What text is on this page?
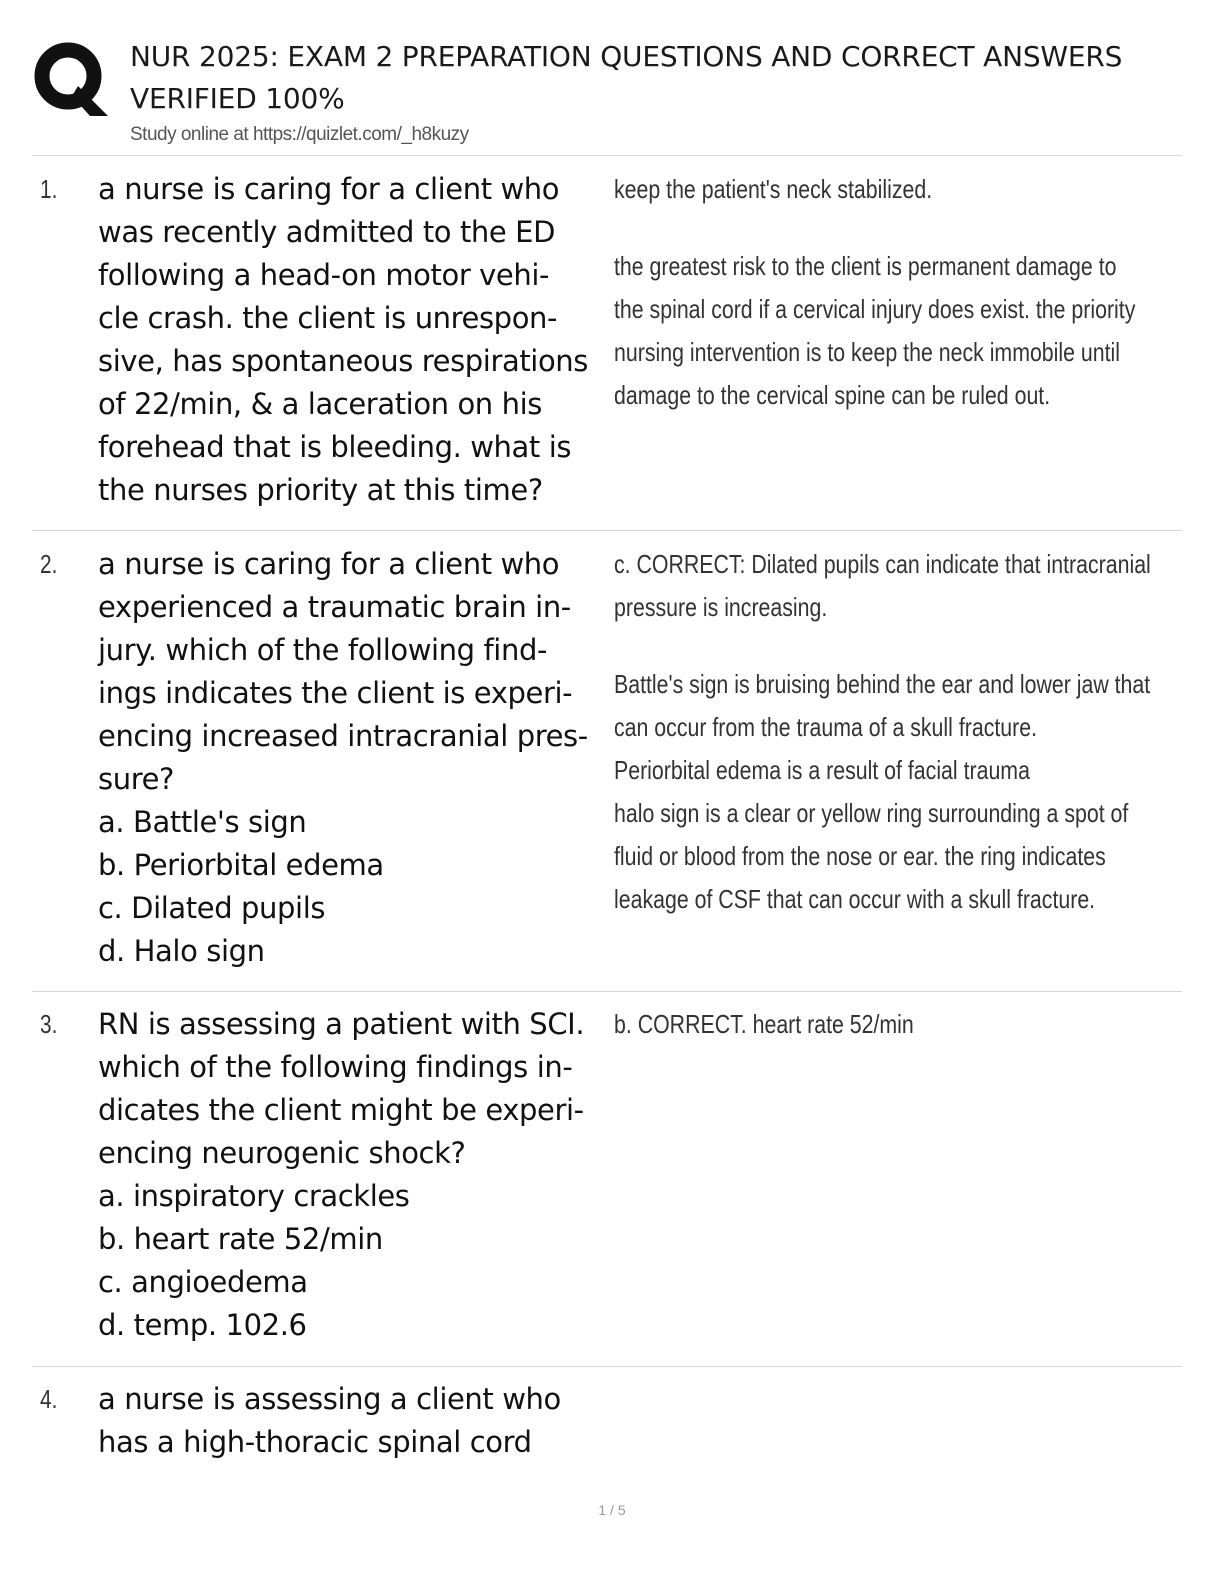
NUR 2025: EXAM 2 PREPARATION QUESTIONS AND CORRECT ANSWERS
VERIFIED 100%
Study online at https://quizlet.com/_h8kuzy
1. a nurse is caring for a client who
was recently admitted to the ED
following a head-on motor vehi-
cle crash. the client is unrespon-
sive, has spontaneous respirations
of 22/min, & a laceration on his
forehead that is bleeding. what is
the nurses priority at this time?
keep the patient's neck stabilized.
the greatest risk to the client is permanent damage to
the spinal cord if a cervical injury does exist. the priority
nursing intervention is to keep the neck immobile until
damage to the cervical spine can be ruled out.
2. a nurse is caring for a client who
experienced a traumatic brain in-
jury. which of the following find-
ings indicates the client is experi-
encing increased intracranial pres-
sure?
a. Battle's sign
b. Periorbital edema
c. Dilated pupils
d. Halo sign
c. CORRECT: Dilated pupils can indicate that intracranial
pressure is increasing.
Battle's sign is bruising behind the ear and lower jaw that
can occur from the trauma of a skull fracture.
Periorbital edema is a result of facial trauma
halo sign is a clear or yellow ring surrounding a spot of
fluid or blood from the nose or ear. the ring indicates
leakage of CSF that can occur with a skull fracture.
3. RN is assessing a patient with SCI.
which of the following findings in-
dicates the client might be experi-
encing neurogenic shock?
a. inspiratory crackles
b. heart rate 52/min
c. angioedema
d. temp. 102.6
b. CORRECT. heart rate 52/min
4. a nurse is assessing a client who
has a high-thoracic spinal cord
1 / 5
